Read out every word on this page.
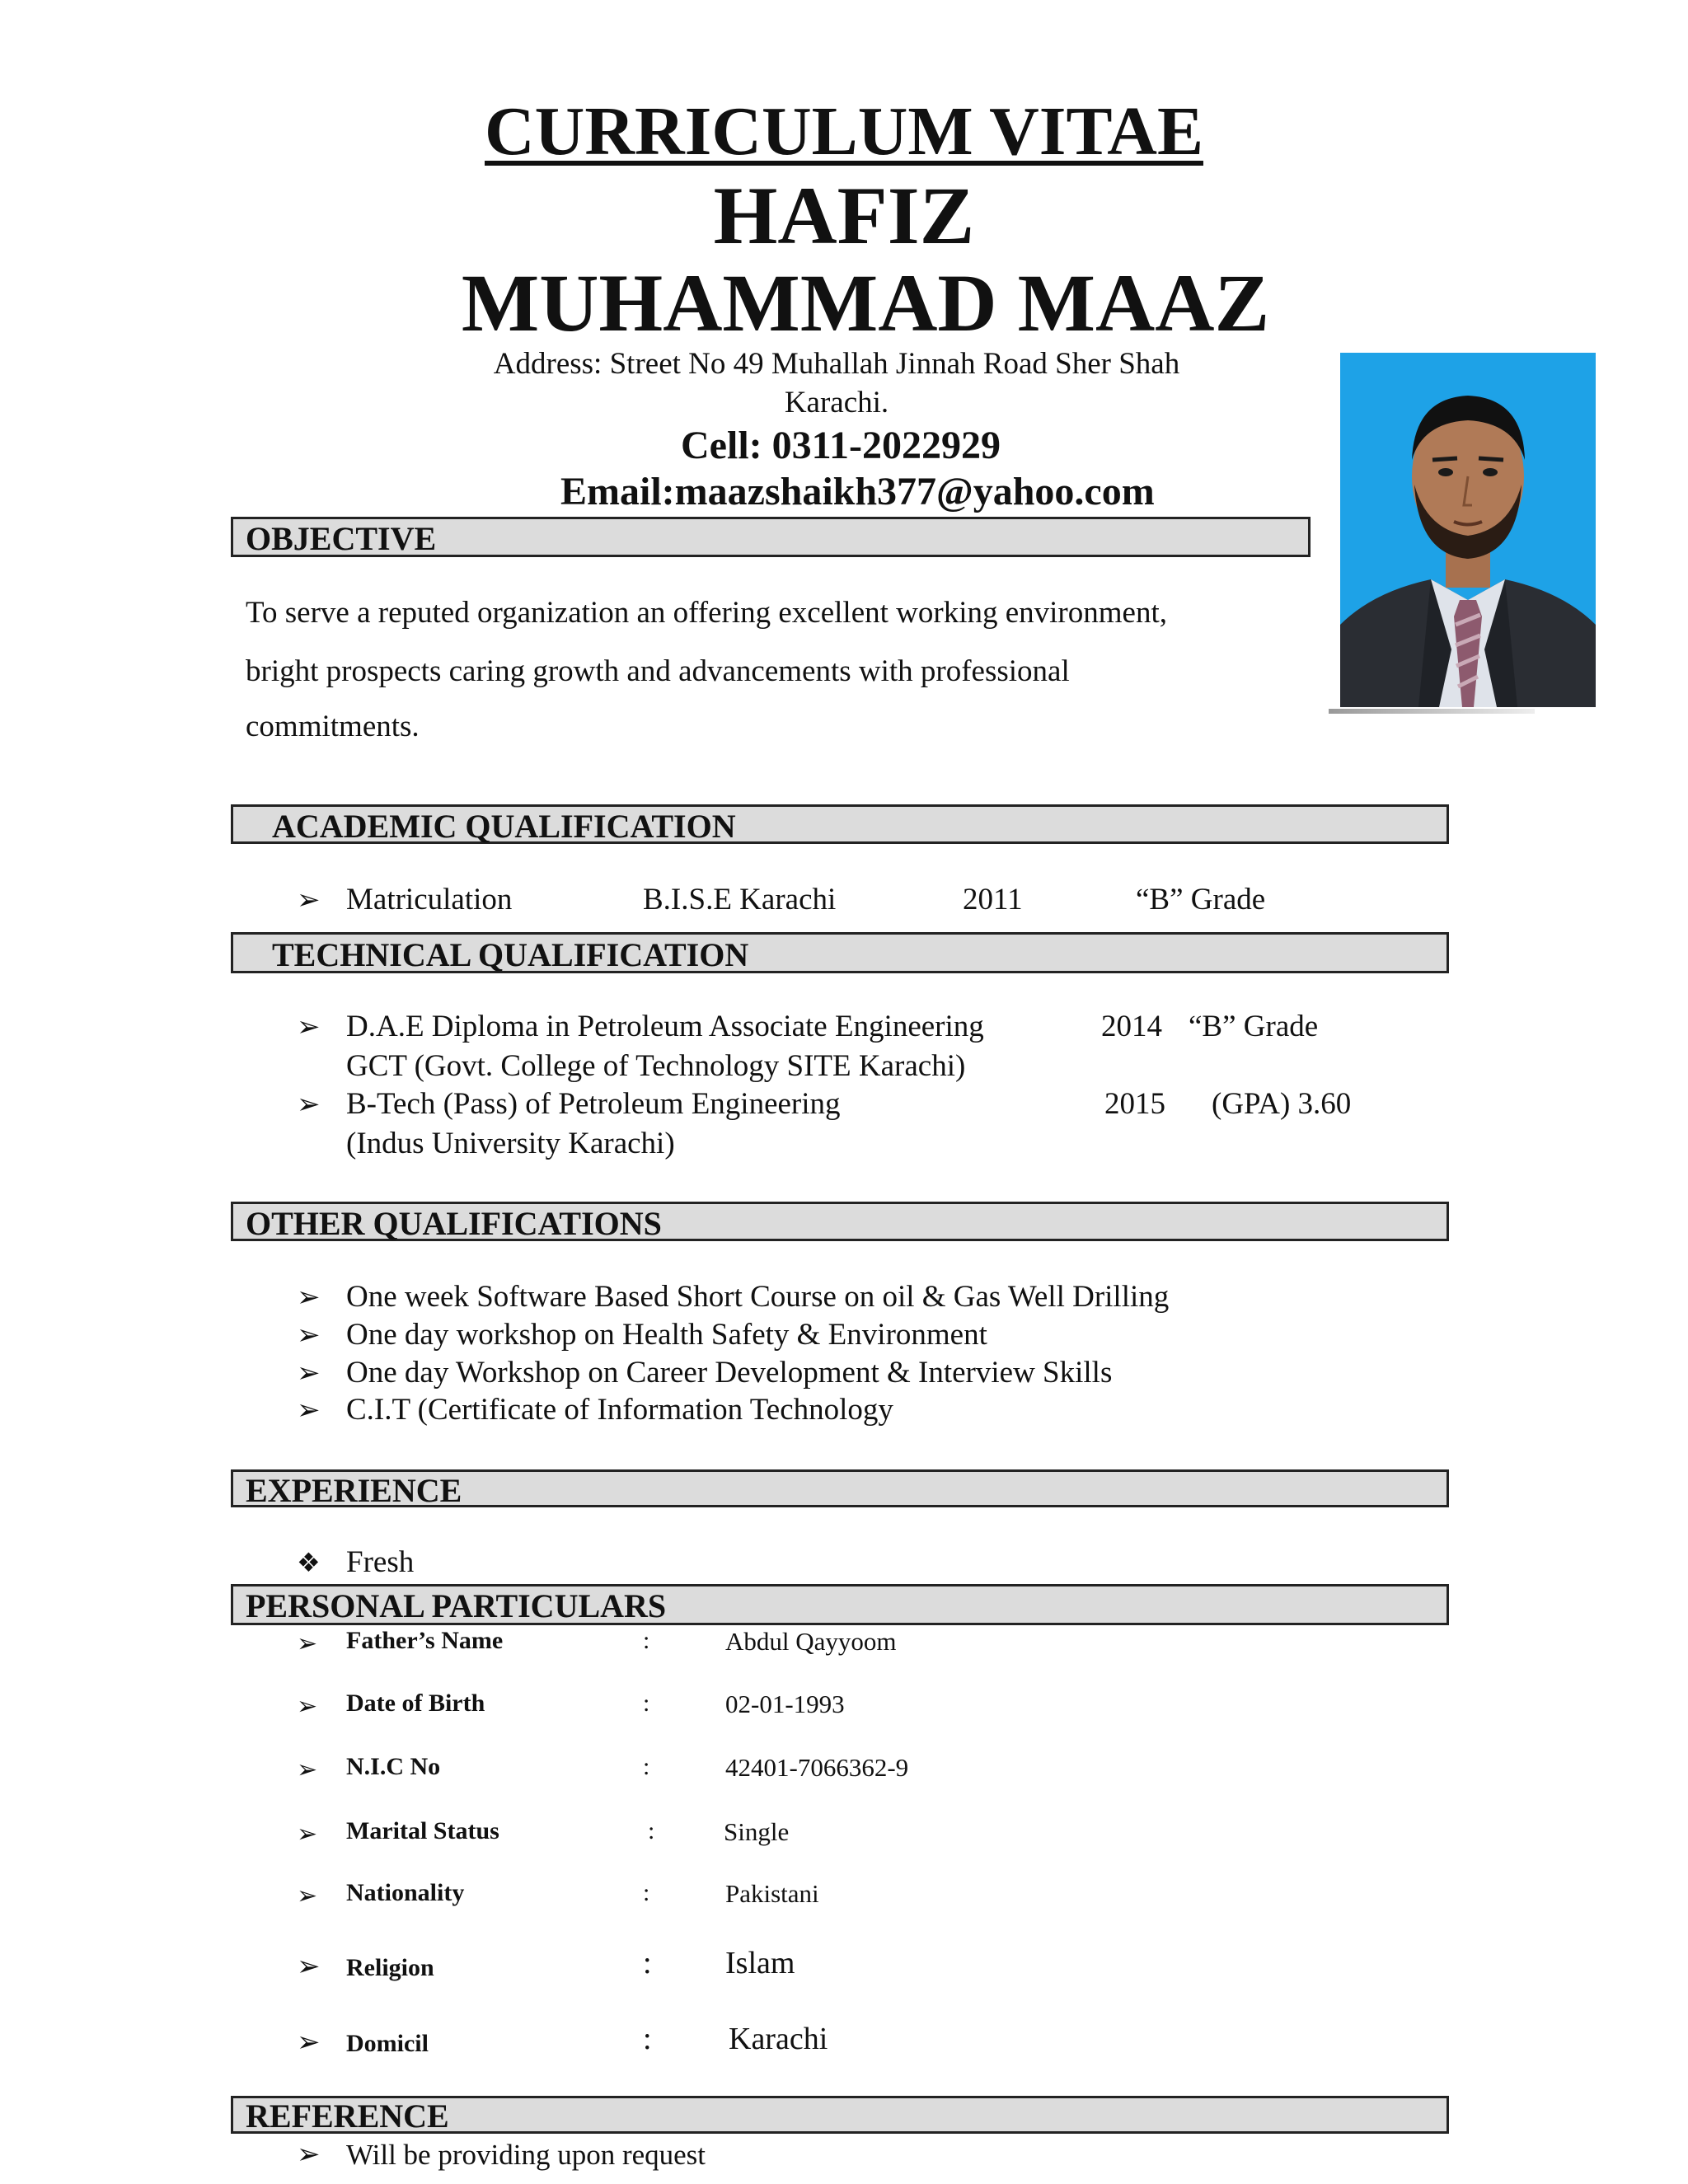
CURRICULUM VITAE
HAFIZ
MUHAMMAD MAAZ
Address: Street No 49 Muhallah Jinnah Road Sher Shah
Karachi.
Cell: 0311-2022929
Email:maazshaikh377@yahoo.com
OBJECTIVE
To serve a reputed organization an offering excellent working environment,
bright prospects caring growth and advancements with professional
commitments.
ACADEMIC QUALIFICATION
➢ Matriculation	B.I.S.E Karachi	2011	“B” Grade
TECHNICAL QUALIFICATION
➢ D.A.E Diploma in Petroleum Associate Engineering	2014 “B” Grade
GCT (Govt. College of Technology SITE Karachi)
➢ B-Tech (Pass) of Petroleum Engineering	2015 (GPA) 3.60
(Indus University Karachi)
OTHER QUALIFICATIONS
➢ One week Software Based Short Course on oil & Gas Well Drilling
➢ One day workshop on Health Safety & Environment
➢ One day Workshop on Career Development & Interview Skills
➢ C.I.T (Certificate of Information Technology
EXPERIENCE
❖ Fresh
PERSONAL PARTICULARS
➢ Father’s Name	:	Abdul Qayyoom
➢ Date of Birth	:	02-01-1993
➢ N.I.C No	:	42401-7066362-9
➢ Marital Status	:	Single
➢ Nationality	:	Pakistani
➢ Religion	: Islam
➢ Domicil	: Karachi
REFERENCE
➢ Will be providing upon request
